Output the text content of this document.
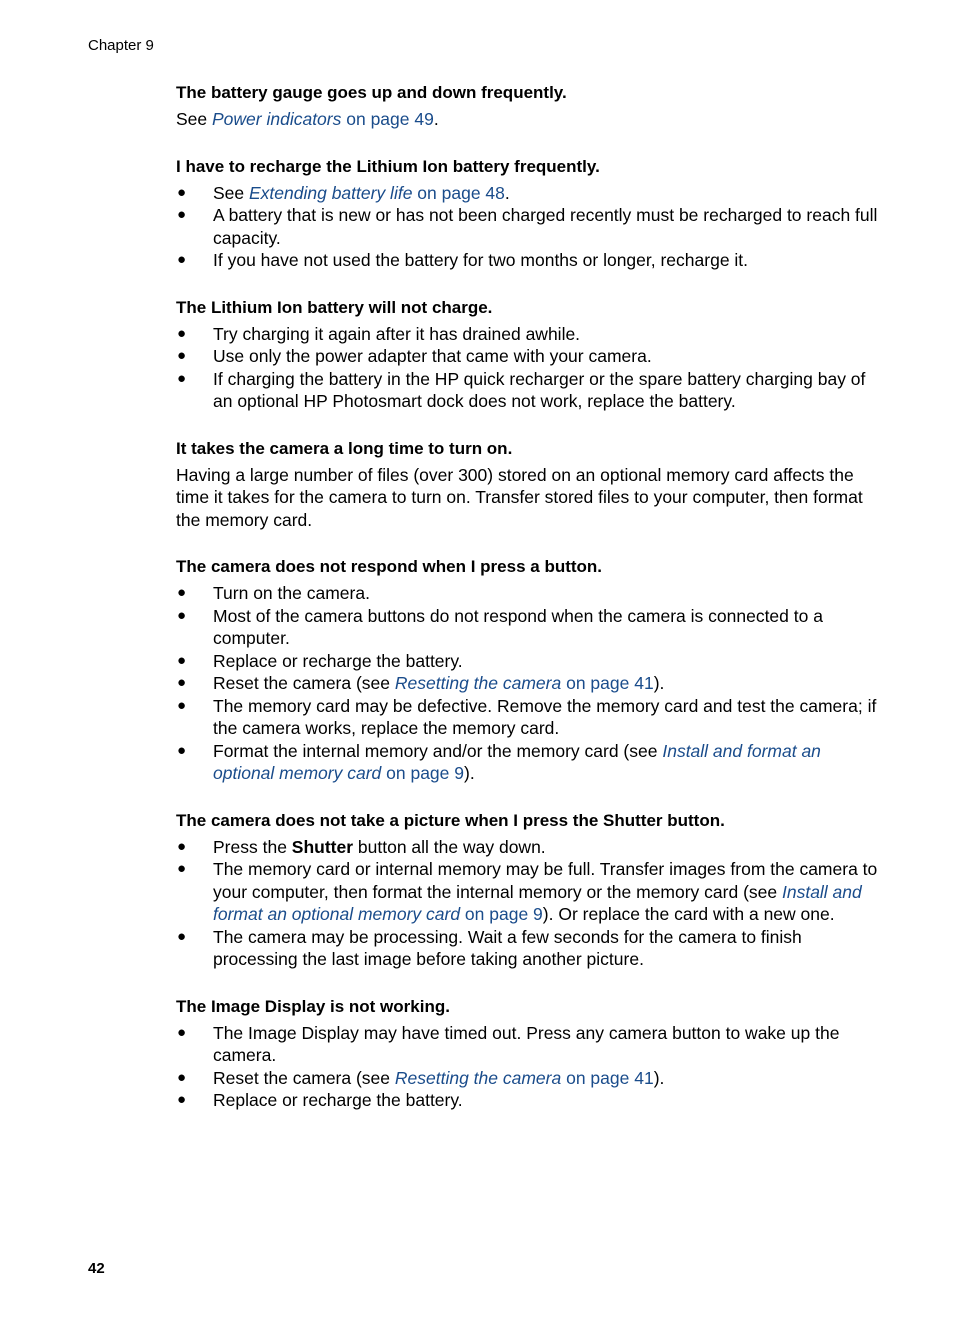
Chapter 9
The battery gauge goes up and down frequently.

See Power indicators on page 49.

I have to recharge the Lithium Ion battery frequently.
● See Extending battery life on page 48.
● A battery that is new or has not been charged recently must be recharged to reach full capacity.
● If you have not used the battery for two months or longer, recharge it.
The Lithium Ion battery will not charge.
● Try charging it again after it has drained awhile.
● Use only the power adapter that came with your camera.
● If charging the battery in the HP quick recharger or the spare battery charging bay of an optional HP Photosmart dock does not work, replace the battery.
It takes the camera a long time to turn on.

Having a large number of files (over 300) stored on an optional memory card affects the time it takes for the camera to turn on. Transfer stored files to your computer, then format the memory card.

The camera does not respond when I press a button.
● Turn on the camera.
● Most of the camera buttons do not respond when the camera is connected to a computer.
● Replace or recharge the battery.
● Reset the camera (see Resetting the camera on page 41).
● The memory card may be defective. Remove the memory card and test the camera; if the camera works, replace the memory card.
● Format the internal memory and/or the memory card (see Install and format an optional memory card on page 9).
The camera does not take a picture when I press the Shutter button.
● Press the Shutter button all the way down.
● The memory card or internal memory may be full. Transfer images from the camera to your computer, then format the internal memory or the memory card (see Install and format an optional memory card on page 9). Or replace the card with a new one.
● The camera may be processing. Wait a few seconds for the camera to finish processing the last image before taking another picture.
The Image Display is not working.
● The Image Display may have timed out. Press any camera button to wake up the camera.
● Reset the camera (see Resetting the camera on page 41).
● Replace or recharge the battery.
42
